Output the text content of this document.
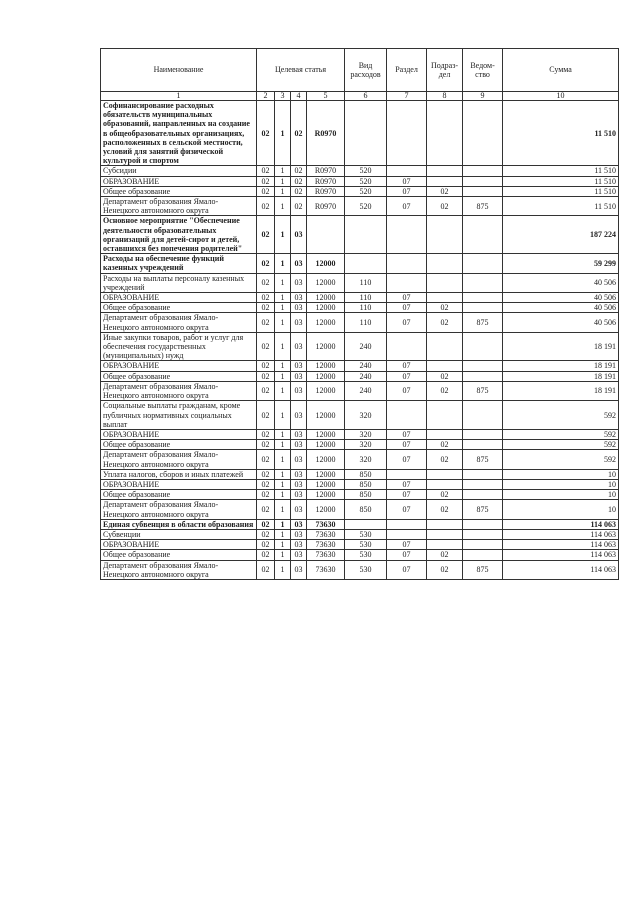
Наименование	Целевая статья				Вид расходов	Раздел	Подраз-дел	Ведом-ство	Сумма
1	2	3	4	5	6	7	8	9	10
Софинансирование расходных обязательств муниципальных образований, направленных на создание в общеобразовательных организациях, расположенных в сельской местности, условий для занятий физической культурой и спортом	02	1	02	R0970					11 510
Субсидии	02	1	02	R0970	520				11 510
ОБРАЗОВАНИЕ	02	1	02	R0970	520	07			11 510
Общее образование	02	1	02	R0970	520	07	02		11 510
Департамент образования Ямало-Ненецкого автономного округа	02	1	02	R0970	520	07	02	875	11 510
Основное мероприятие "Обеспечение деятельности образовательных организаций для детей-сирот и детей, оставшихся без попечения родителей"	02	1	03						187 224
Расходы на обеспечение функций казенных учреждений	02	1	03	12000					59 299
Расходы на выплаты персоналу казенных учреждений	02	1	03	12000	110				40 506
ОБРАЗОВАНИЕ	02	1	03	12000	110	07			40 506
Общее образование	02	1	03	12000	110	07	02		40 506
Департамент образования Ямало-Ненецкого автономного округа	02	1	03	12000	110	07	02	875	40 506
Иные закупки товаров, работ и услуг для обеспечения государственных (муниципальных) нужд	02	1	03	12000	240				18 191
ОБРАЗОВАНИЕ	02	1	03	12000	240	07			18 191
Общее образование	02	1	03	12000	240	07	02		18 191
Департамент образования Ямало-Ненецкого автономного округа	02	1	03	12000	240	07	02	875	18 191
Социальные выплаты гражданам, кроме публичных нормативных социальных выплат	02	1	03	12000	320				592
ОБРАЗОВАНИЕ	02	1	03	12000	320	07			592
Общее образование	02	1	03	12000	320	07	02		592
Департамент образования Ямало-Ненецкого автономного округа	02	1	03	12000	320	07	02	875	592
Уплата налогов, сборов и иных платежей	02	1	03	12000	850				10
ОБРАЗОВАНИЕ	02	1	03	12000	850	07			10
Общее образование	02	1	03	12000	850	07	02		10
Департамент образования Ямало-Ненецкого автономного округа	02	1	03	12000	850	07	02	875	10
Единая субвенция в области образования	02	1	03	73630					114 063
Субвенции	02	1	03	73630	530				114 063
ОБРАЗОВАНИЕ	02	1	03	73630	530	07			114 063
Общее образование	02	1	03	73630	530	07	02		114 063
Департамент образования Ямало-Ненецкого автономного округа	02	1	03	73630	530	07	02	875	114 063
